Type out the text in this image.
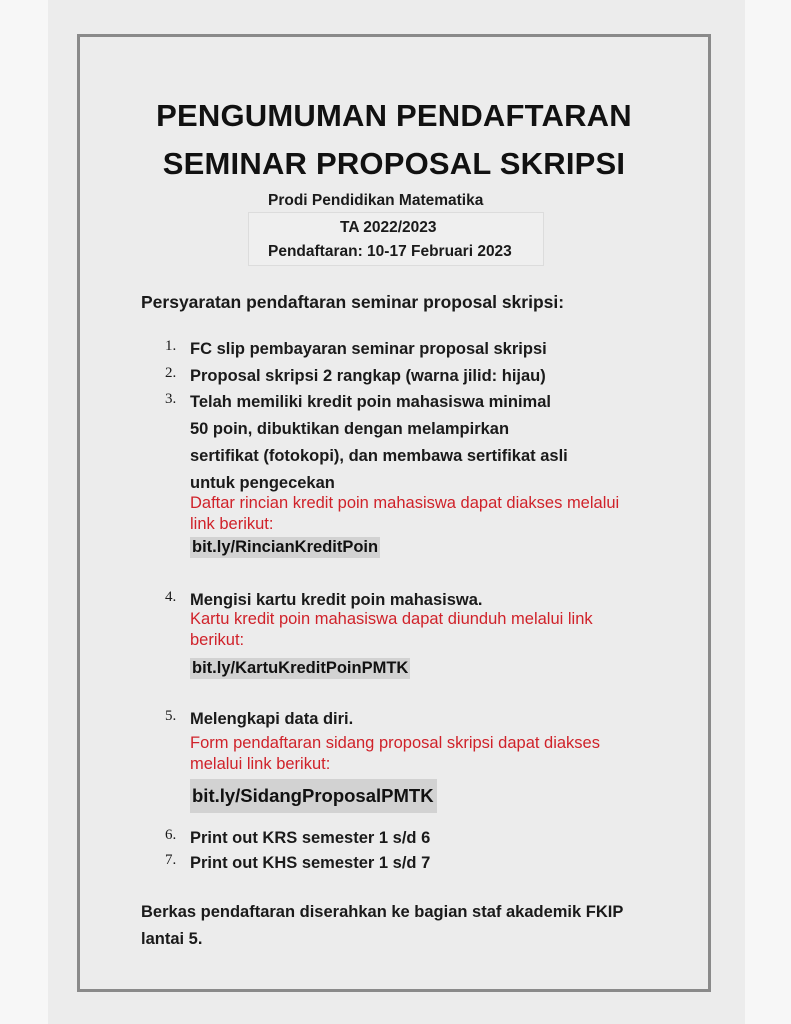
PENGUMUMAN PENDAFTARAN
SEMINAR PROPOSAL SKRIPSI
Prodi Pendidikan Matematika
TA 2022/2023
Pendaftaran: 10-17 Februari 2023
Persyaratan pendaftaran seminar proposal skripsi:
1. FC slip pembayaran seminar proposal skripsi
2. Proposal skripsi 2 rangkap (warna jilid: hijau)
3. Telah memiliki kredit poin mahasiswa minimal 50 poin, dibuktikan dengan melampirkan sertifikat (fotokopi), dan membawa sertifikat asli untuk pengecekan
Daftar rincian kredit poin mahasiswa dapat diakses melalui link berikut:
bit.ly/RincianKreditPoin
4. Mengisi kartu kredit poin mahasiswa.
Kartu kredit poin mahasiswa dapat diunduh melalui link berikut:
bit.ly/KartuKreditPoinPMTK
5. Melengkapi data diri.
Form pendaftaran sidang proposal skripsi dapat diakses melalui link berikut:
bit.ly/SidangProposalPMTK
6. Print out KRS semester 1 s/d 6
7. Print out KHS semester 1 s/d 7
Berkas pendaftaran diserahkan ke bagian staf akademik FKIP lantai 5.
